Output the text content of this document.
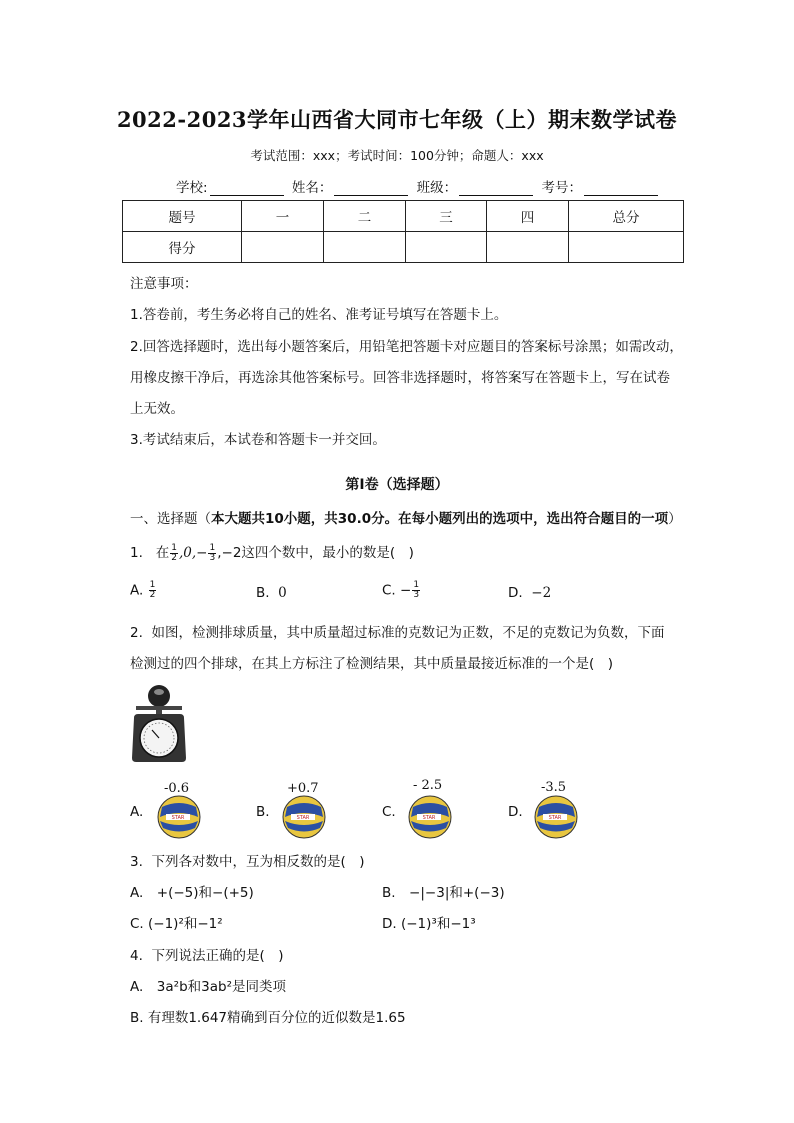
2022-2023学年山西省大同市七年级（上）期末数学试卷
考试范围：xxx；考试时间：100分钟；命题人：xxx
学校:	姓名：	班级：	考号：
题号	一	二	三	四	总分
得分					
注意事项：
1.答卷前，考生务必将自己的姓名、准考证号填写在答题卡上。
2.回答选择题时，选出每小题答案后，用铅笔把答题卡对应题目的答案标号涂黑；如需改动，
用橡皮擦干净后，再选涂其他答案标号。回答非选择题时，将答案写在答题卡上，写在试卷
上无效。
3.考试结束后，本试卷和答题卡一并交回。
第I卷（选择题）
一、选择题（本大题共10小题，共30.0分。在每小题列出的选项中，选出符合题目的一项）
1. 在 $\frac{1}{2} ,0,- \frac{1}{3} ,-2$这四个数中，最小的数是(　)
A. $\frac{1}{2}$	B. 0	C. − $\frac{1}{3}$	D. −2
2. 如图，检测排球质量，其中质量超过标准的克数记为正数，不足的克数记为负数，下面
检测过的四个排球，在其上方标注了检测结果，其中质量最接近标准的一个是(　)
A.	B.	C.	D.
-0.6	+0.7	- 2.5	-3.5
STAR	STAR	STAR	STAR
3. 下列各对数中，互为相反数的是(　)
A.　+(−5)和−(+5)	B.　−|−3|和+(−3)
C. (−1)²和−1²	D. (−1)³和−1³
4. 下列说法正确的是(　)
A.　3a²b和3ab²是同类项
B. 有理数1.647精确到百分位的近似数是1.65
